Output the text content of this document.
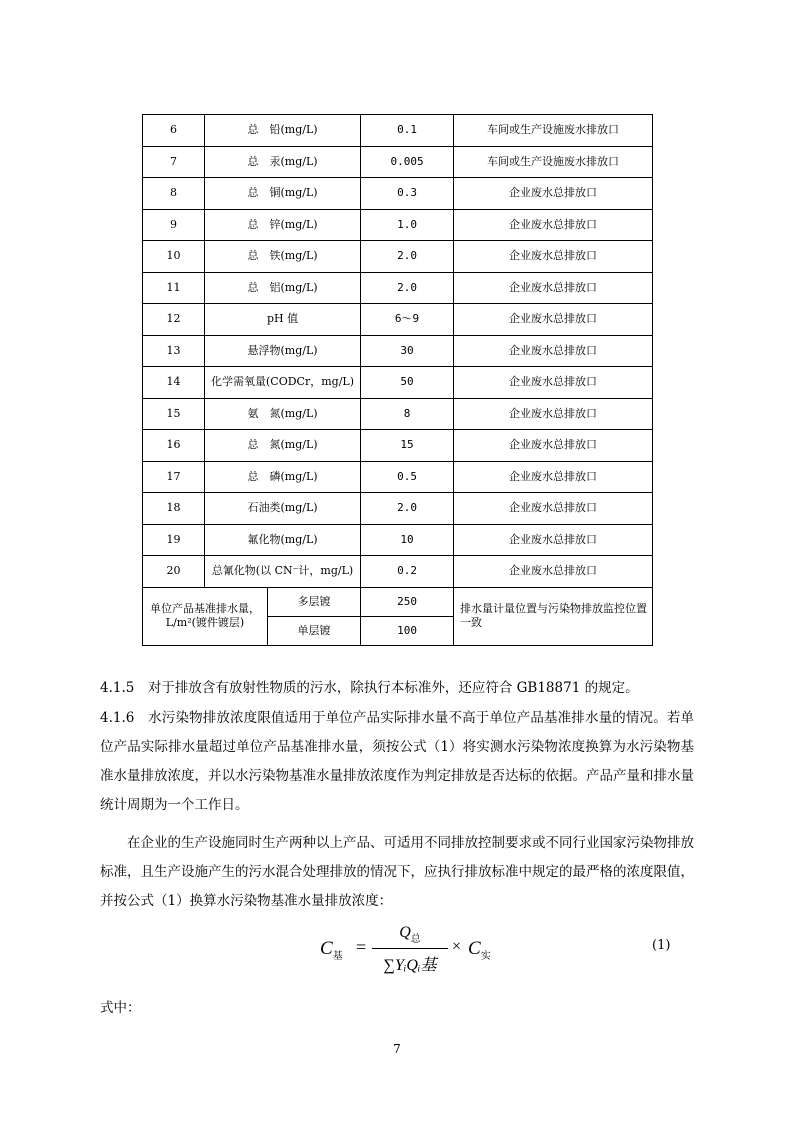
6	总　铅(mg/L)		0.1	车间或生产设施废水排放口
7	总　汞(mg/L)		0.005	车间或生产设施废水排放口
8	总　铜(mg/L)		0.3	企业废水总排放口
9	总　锌(mg/L)		1.0	企业废水总排放口
10	总　铁(mg/L)		2.0	企业废水总排放口
11	总　铝(mg/L)		2.0	企业废水总排放口
12	pH 值		6～9	企业废水总排放口
13	悬浮物(mg/L)		30	企业废水总排放口
14	化学需氧量(CODCr，mg/L)		50	企业废水总排放口
15	氨　氮(mg/L)		8	企业废水总排放口
16	总　氮(mg/L)		15	企业废水总排放口
17	总　磷(mg/L)		0.5	企业废水总排放口
18	石油类(mg/L)		2.0	企业废水总排放口
19	氟化物(mg/L)		10	企业废水总排放口
20	总氰化物(以 CN⁻计，mg/L)		0.2	企业废水总排放口
单位产品基准排水量，L/m²(镀件镀层)		多层镀	250	排水量计量位置与污染物排放监控位置一致
		单层镀	100	
4.1.5　对于排放含有放射性物质的污水，除执行本标准外，还应符合 GB18871 的规定。
4.1.6　水污染物排放浓度限值适用于单位产品实际排水量不高于单位产品基准排水量的情况。若单位产品实际排水量超过单位产品基准排水量，须按公式（1）将实测水污染物浓度换算为水污染物基准水量排放浓度，并以水污染物基准水量排放浓度作为判定排放是否达标的依据。产品产量和排水量统计周期为一个工作日。
在企业的生产设施同时生产两种以上产品、可适用不同排放控制要求或不同行业国家污染物排放标准，且生产设施产生的污水混合处理排放的情况下，应执行排放标准中规定的最严格的浓度限值，并按公式（1）换算水污染物基准水量排放浓度：
$C_基$ =
$Q_总$
∑YᵢQᵢ基
× $C_实$
(1)
式中：
7
